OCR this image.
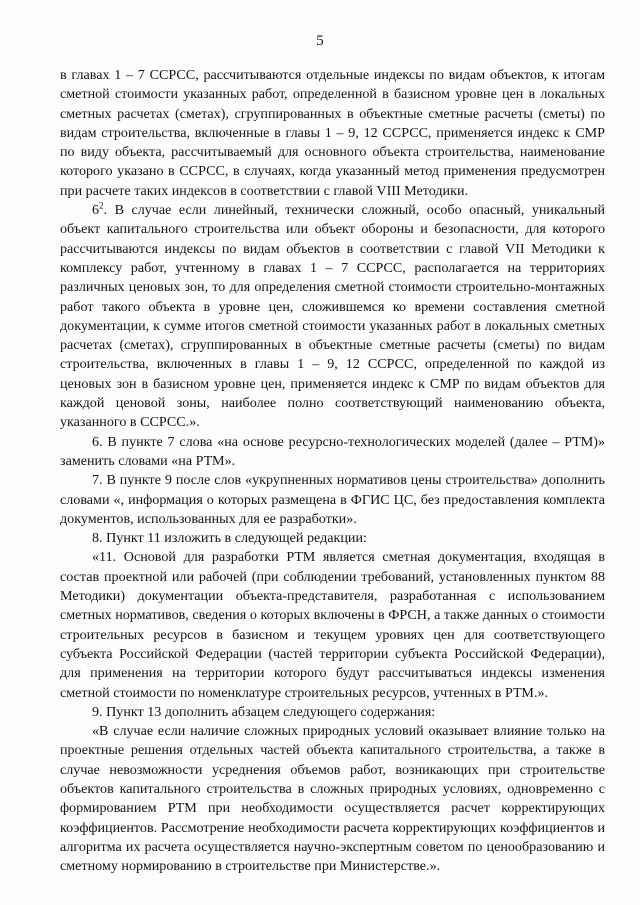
5

в главах 1 – 7 ССРСС, рассчитываются отдельные индексы по видам объектов, к итогам сметной стоимости указанных работ, определенной в базисном уровне цен в локальных сметных расчетах (сметах), сгруппированных в объектные сметные расчеты (сметы) по видам строительства, включенные в главы 1 – 9, 12 ССРСС, применяется индекс к СМР по виду объекта, рассчитываемый для основного объекта строительства, наименование которого указано в ССРСС, в случаях, когда указанный метод применения предусмотрен при расчете таких индексов в соответствии с главой VIII Методики.

$6^2$. В случае если линейный, технически сложный, особо опасный, уникальный объект капитального строительства или объект обороны и безопасности, для которого рассчитываются индексы по видам объектов в соответствии с главой VII Методики к комплексу работ, учтенному в главах 1 – 7 ССРСС, располагается на территориях различных ценовых зон, то для определения сметной стоимости строительно-монтажных работ такого объекта в уровне цен, сложившемся ко времени составления сметной документации, к сумме итогов сметной стоимости указанных работ в локальных сметных расчетах (сметах), сгруппированных в объектные сметные расчеты (сметы) по видам строительства, включенных в главы 1 – 9, 12 ССРСС, определенной по каждой из ценовых зон в базисном уровне цен, применяется индекс к СМР по видам объектов для каждой ценовой зоны, наиболее полно соответствующий наименованию объекта, указанного в ССРСС.».

6. В пункте 7 слова «на основе ресурсно-технологических моделей (далее – РТМ)» заменить словами «на РТМ».

7. В пункте 9 после слов «укрупненных нормативов цены строительства» дополнить словами «, информация о которых размещена в ФГИС ЦС, без предоставления комплекта документов, использованных для ее разработки».

8. Пункт 11 изложить в следующей редакции:

«11. Основой для разработки РТМ является сметная документация, входящая в состав проектной или рабочей (при соблюдении требований, установленных пунктом 88 Методики) документации объекта-представителя, разработанная с использованием сметных нормативов, сведения о которых включены в ФРСН, а также данных о стоимости строительных ресурсов в базисном и текущем уровнях цен для соответствующего субъекта Российской Федерации (частей территории субъекта Российской Федерации), для применения на территории которого будут рассчитываться индексы изменения сметной стоимости по номенклатуре строительных ресурсов, учтенных в РТМ.».

9. Пункт 13 дополнить абзацем следующего содержания:

«В случае если наличие сложных природных условий оказывает влияние только на проектные решения отдельных частей объекта капитального строительства, а также в случае невозможности усреднения объемов работ, возникающих при строительстве объектов капитального строительства в сложных природных условиях, одновременно с формированием РТМ при необходимости осуществляется расчет корректирующих коэффициентов. Рассмотрение необходимости расчета корректирующих коэффициентов и алгоритма их расчета осуществляется научно-экспертным советом по ценообразованию и сметному нормированию в строительстве при Министерстве.».
